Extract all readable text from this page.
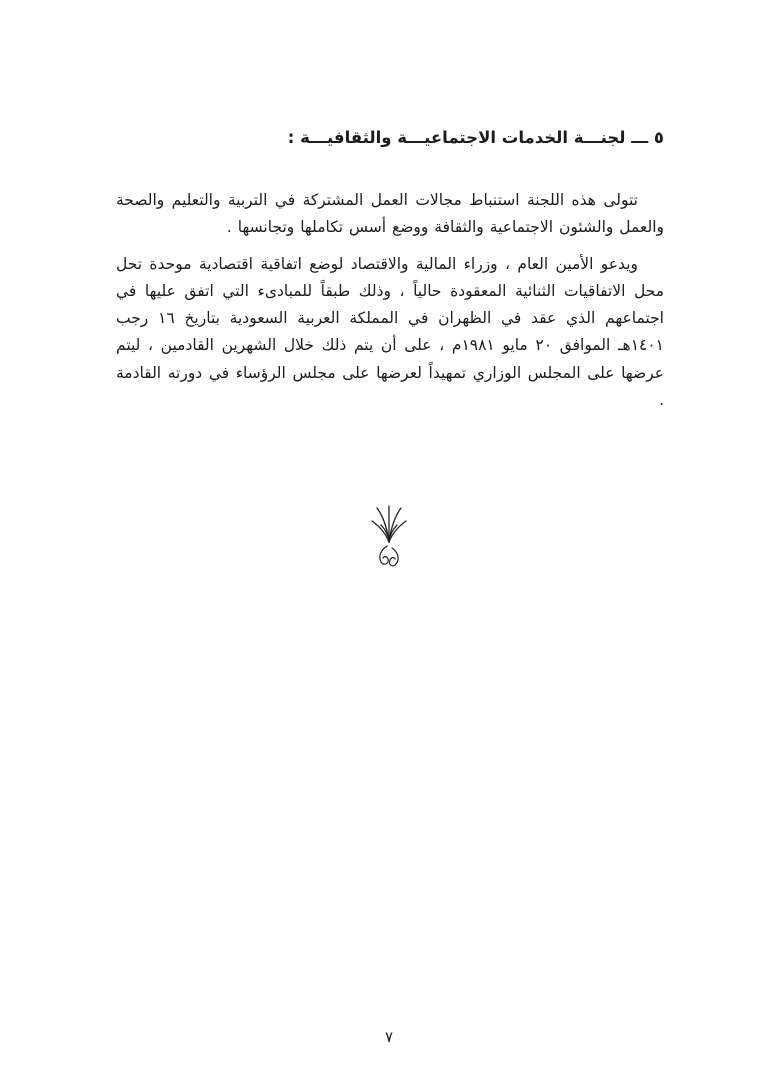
٥ ـــ لجنـــة الخدمات الاجتماعيـــة والثقافيـــة :

تتولى هذه اللجنة استنباط مجالات العمل المشتركة في التربية والتعليم والصحة والعمل والشئون الاجتماعية والثقافة ووضع أسس تكاملها وتجانسها .

ويدعو الأمين العام ، وزراء المالية والاقتصاد لوضع اتفاقية اقتصادية موحدة تحل محل الاتفاقيات الثنائية المعقودة حالياً ، وذلك طبقاً للمبادىء التي اتفق عليها في اجتماعهم الذي عقد في الظهران في المملكة العربية السعودية بتاريخ ١٦ رجب ١٤٠١هـ الموافق ٢٠ مايو ١٩٨١م ، على أن يتم ذلك خلال الشهرين القادمين ، ليتم عرضها على المجلس الوزاري تمهيداً لعرضها على مجلس الرؤساء في دورته القادمة .

٧
